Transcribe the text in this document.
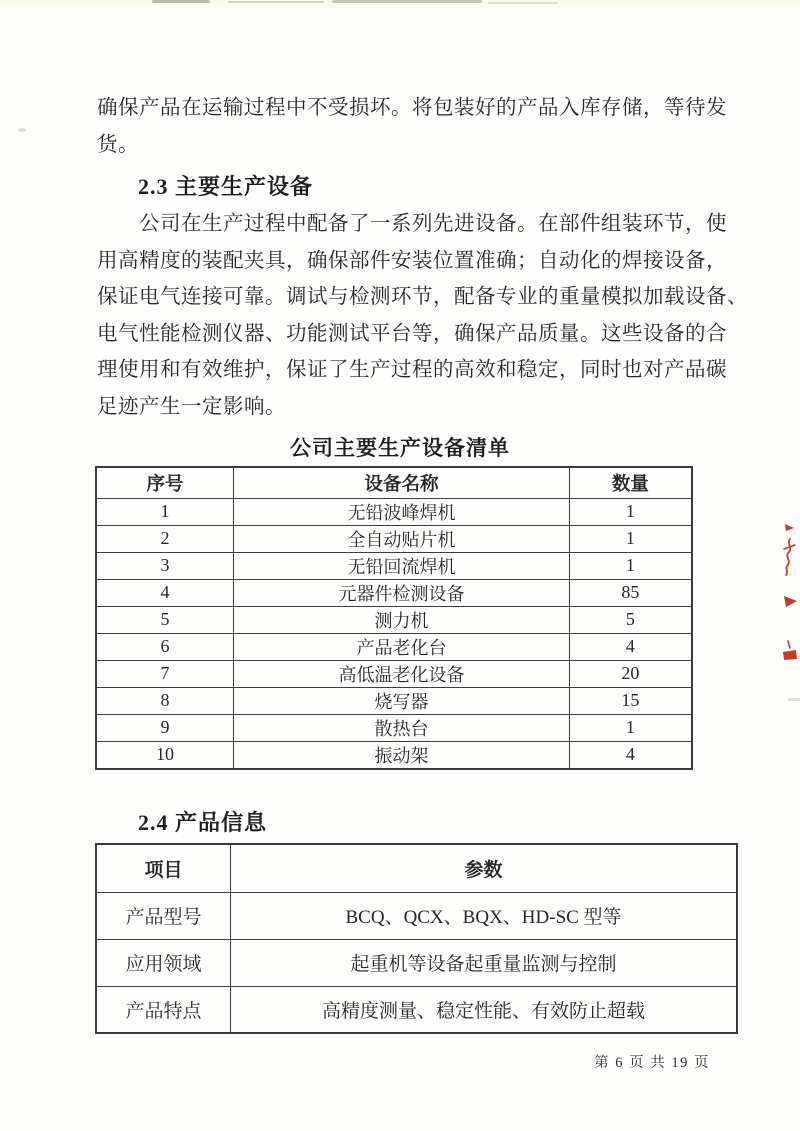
确保产品在运输过程中不受损坏。将包装好的产品入库存储，等待发
货。
2.3 主要生产设备
公司在生产过程中配备了一系列先进设备。在部件组装环节，使
用高精度的装配夹具，确保部件安装位置准确；自动化的焊接设备，
保证电气连接可靠。调试与检测环节，配备专业的重量模拟加载设备、
电气性能检测仪器、功能测试平台等，确保产品质量。这些设备的合
理使用和有效维护，保证了生产过程的高效和稳定，同时也对产品碳
足迹产生一定影响。
公司主要生产设备清单
序号	设备名称	数量
1	无铅波峰焊机	1
2	全自动贴片机	1
3	无铅回流焊机	1
4	元器件检测设备	85
5	测力机	5
6	产品老化台	4
7	高低温老化设备	20
8	烧写器	15
9	散热台	1
10	振动架	4
2.4 产品信息
项目	参数
产品型号	BCQ、QCX、BQX、HD-SC 型等
应用领域	起重机等设备起重量监测与控制
产品特点	高精度测量、稳定性能、有效防止超载
第 6 页 共 19 页
